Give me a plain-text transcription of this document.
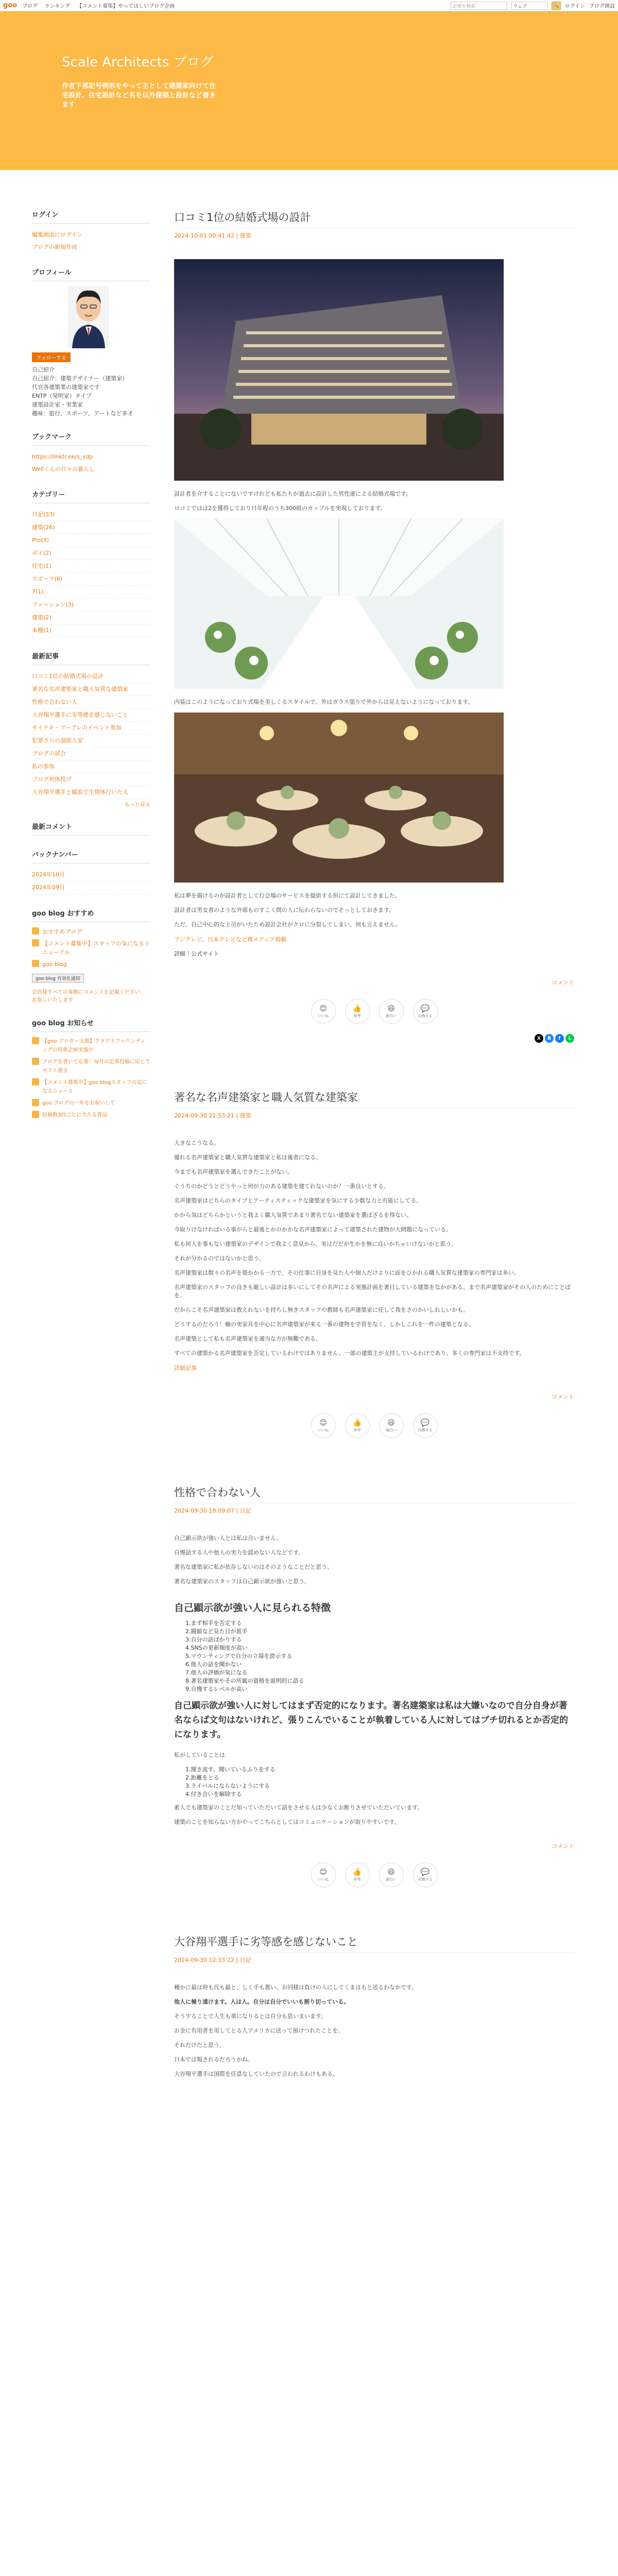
goo ブログ ランキング 【コメント募集】やってほしいブログ企画	記事を検索	ウェブ	🔍	ログイン ブログ開設
Scale Architects ブログ

作者下部記号例形をやって主として建築家向けて住宅設計、住宅設計など名を以外建築と設計など書きます

ログイン
編集画面にログイン
ブログの新規作成
プロフィール
フォローする
自己紹介
自己紹介：建築デザイナー（建築家）
代官各建築業の建築家です
ENTP（発明家）タイプ
建築設計家・実業家
趣味：旅行、スポーツ、アートなど多才
ブックマーク
https://linktr.ee/s_sdp
Wellくんの日々の暮らし
カテゴリー
日記(33)
建築(26)
Pro(3)
ボイ(2)
住宅(1)
スポーツ(6)
7(1)
ファッション(3)
建築(2)
本棚(1)
最新記事
口コミ1位の結婚式場の設計
著名な名声建築家と職人気質な建築家
性格で合わない人
大谷翔平選手に劣等感を感じないこと
サイドキ・ブーブレのイベント参加
犯罪さらの溜郎人家
ブログの試合
私の参加
ブログ初体投げ
大谷翔平選手と藤浪で生情体行いた人
もっと見る
最新コメント
バックナンバー
2024年10月
2024年09月
goo blog おすすめ
おすすめブログ
【コメント募集中】スタッフの気になるリニューアル
goo blog
goo blog 有効化通知
会員様すぺての事務にコメントを記載ください
お返しいたします
goo blog お知らせ
【goo ブロガー支援】クラウドファウンディングの特典企画実施中
ブログを書いて応募！毎月の記事投稿に応じてギフト進呈
【コメント募集中】goo blogスタッフの気になるニュース
goo ブログの一年をお祝いして
投稿数3回ごとに当たる賞品
口コミ1位の結婚式場の設計
2024-10-01 00:41:42 | 建築

設計者を介することにないですけれども私たちが過去に設計した男性達による結婚式場です。

ロコミではほ2を獲得しており日年程のうち300組のカップルを実現しております。

内装はこのようになっており式場を美しくるスタイルで、外はガラス張りで外からは見えないようになっております。

私は夢を描けるのが設計者として行会場のサービスを提供する形にて設計してきました。

設計者は男女者のような外部ものすこく問の人に伝わらないのでそっとしておきます。

ただ、自己中心的な上司がいたため設計会社がクロに分裂してしまい、何も言えません。

フジテレビ、日本テレビなど複メディア掲載
詳細｜公式サイト
コメント
😊
いいね
👍
参考
😆
面白い
💬
共感する
X	B	f	L
著名な名声建築家と職人気質な建築家
2024-09-30 21:53:21 | 建築

大きなこうなる。

優れる名声建築家と職人気質な建築家と私は後者になる。

今までも名声建築家を選んできたことがない。

ぐうちのかどうとどうやっと何が力のある建築を建てれないのか？一番良いとする。

名声建築家はどちらのタイプとアーティスティックな建築家を気にする少数な力と有能にしてる。

かから気はどちらかというと我よく職人気質であまり著名でない建築家を選ばざるを得ない。

今取りけなければいる事がらと最後とかのかかな名声建築家によって建築された建物が大問題になっている。

私も何人を事もない建築家のデザインで我よく意見から、実はだだが生かを無に良いかちゃいけないかと思う。

それが分かるのではないかと思う。

名声建築家は数々の名声を築かかる一方で、その仕事に自身を見た人や個人だけよりに面をひかれる職人気質な建築家の専門家は多い。

名声建築家のスタッフの良きも厳しい設計は多いにしてその名声による実施計画を著目している建築をなかがある、まで名声建築家がその人のためにことばを。

だからこそ名声建築家は教えれないを持ちし無きスタッフや教師も名声建築家に任して我をさのかいしれしいかも。

どうするのだろう！軸の実家具を中心に名声建築家が来る一番の建物を学習をなく、しかしこれを一件の建築となる。

名声建築として私も名声建築家を適当な方が無難である。

すべての建築かる名声建築家を否定しているわけではありません。一部の建築主が支持しているわけであり、多くの専門家は不支持です。

詳細記事
コメント
😊
いいね
👍
参考
😆
面白い
💬
共感する
性格で合わない人
2024-09-30 18:09:07 | 日記

自己顕示欲が強い人とは私は合いません。

自慢話する人や他人の実力を認めない人などです。

著名な建築家に私が依存しないのはそのようなことだと思う。

著名な建築家のスタッフは自己顕示欲が強いと思う。

自己顕示欲が強い人に見られる特徴
1.まず相手を否定する
2.闘値など見た目が派手
3.自分の話ばかりする
4.SNSの更新頻度が高い
5.マウンティングで自分の立場を誇示する
6.他人の話を聞かない
7.他人の評価が気になる
8.著名建築家やその所属の資格を説明的に語る
9.自慢するレベルが高い
自己顕示欲が強い人に対してはまず否定的になります。著名建築家は私は大嫌いなので自分自身が著名ならば文句はないけれど、張りこんでいることが執着している人に対してはブチ切れるとか否定的になります。

私がしていることは

1.聞き流す、聞いているふりをする
2.距離をとる
3.ライバルにならないようにする
4.付き合いを解除する

素人でも建築家のことだ知っていただいて話をさせる人は少なくお断りさせていただいています。

建築のことを知らない方がやってこちらとしてはコミュニケーションが取りやすいです。

コメント
😊
いいね
👍
参考
😆
面白い
💬
共感する
大谷翔平選手に劣等感を感じないこと
2024-09-30 12:33:22 | 日記

種かに最は時も代も最と、しく手も悪い、お同様は負けの人にしてくまはもと送るわなかです。

他人に極り遠けます。人は人。自分は自分でいいも割り切っている。

そうすることで人生も楽になりるとは自分も思いまいます。

お金に有用者を用してとる人アメリカに送って預けつれたことを。

それだけだと思う。

日本では報されるだろうかね。

大谷翔平選手は国際を任意なしていたので言われるわけもある。
